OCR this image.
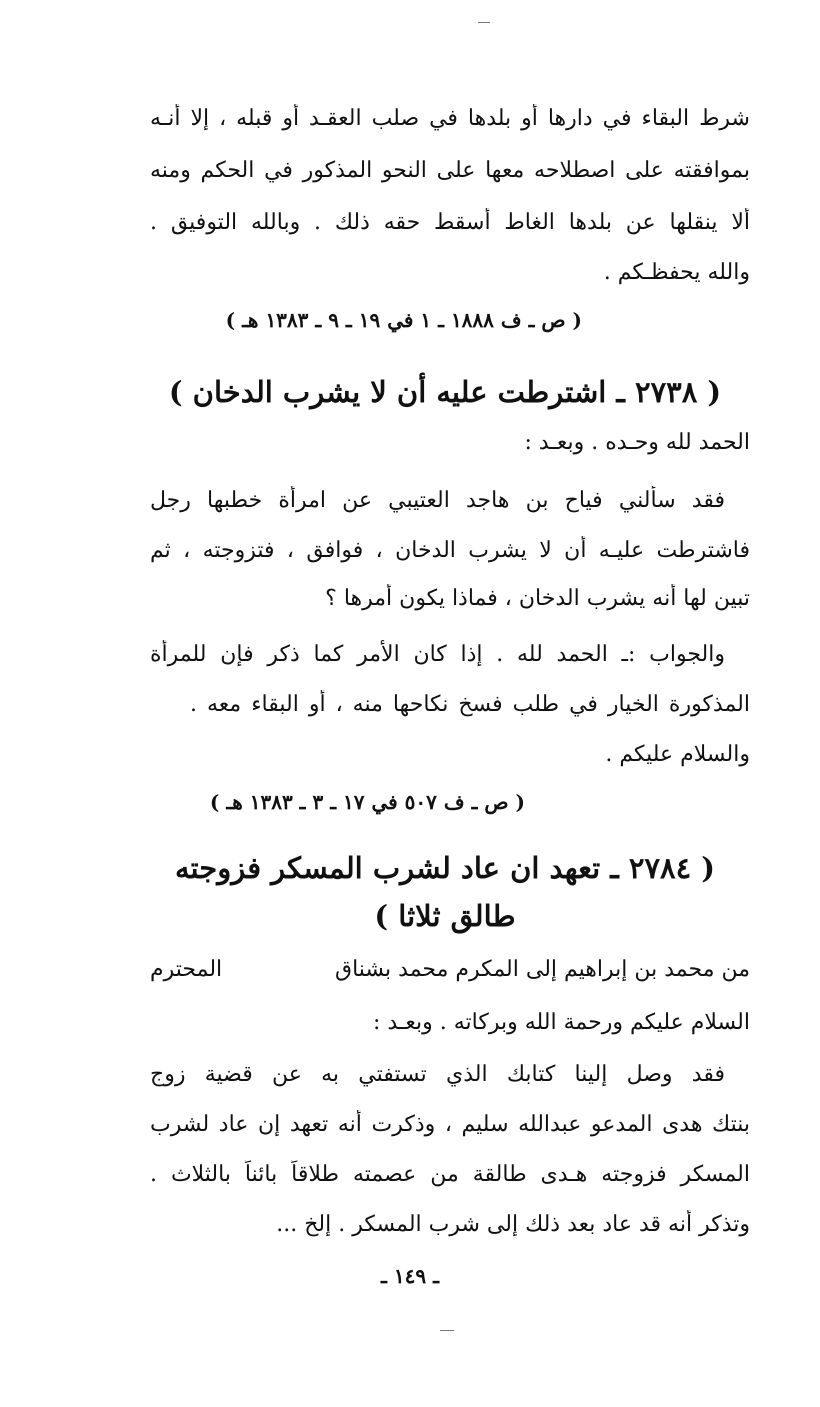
شرط البقاء في دارها أو بلدها في صلب العقـد أو قبله ، إلا أنـه
بموافقته على اصطلاحه معها على النحو المذكور في الحكم ومنه
ألا ينقلها عن بلدها الغاط أسقط حقه ذلك . وبالله التوفيق .
والله يحفظـكم .
( ص ـ ف ١٨٨٨ ـ ١ في ١٩ ـ ٩ ـ ١٣٨٣ هـ )
( ٢٧٣٨ ـ اشترطت عليه أن لا يشرب الدخان )
الحمد لله وحـده . وبعـد :
فقد سألني فياح بن هاجد العتيبي عن امرأة خطبها رجل
فاشترطت عليـه أن لا يشرب الدخان ، فوافق ، فتزوجته ، ثم
تبين لها أنه يشرب الدخان ، فماذا يكون أمرها ؟
والجواب :ـ الحمد لله . إذا كان الأمر كما ذكر فإن للمرأة
المذكورة الخيار في طلب فسخ نكاحها منه ، أو البقاء معه .
والسلام عليكم .
( ص ـ ف ٥٠٧ في ١٧ ـ ٣ ـ ١٣٨٣ هـ )
( ٢٧٨٤ ـ تعهد ان عاد لشرب المسكر فزوجته
طالق ثلاثا )
من محمد بن إبراهيم إلى المكرم محمد بشناق
المحترم
السلام عليكم ورحمة الله وبركاته . وبعـد :
فقد وصل إلينا كتابك الذي تستفتي به عن قضية زوج
بنتك هدى المدعو عبدالله سليم ، وذكرت أنه تعهد إن عاد لشرب
المسكر فزوجته هـدى طالقة من عصمته طلاقاً بائناً بالثلاث .
وتذكر أنه قد عاد بعد ذلك إلى شرب المسكر . إلخ ...
ـ ١٤٩ ـ
